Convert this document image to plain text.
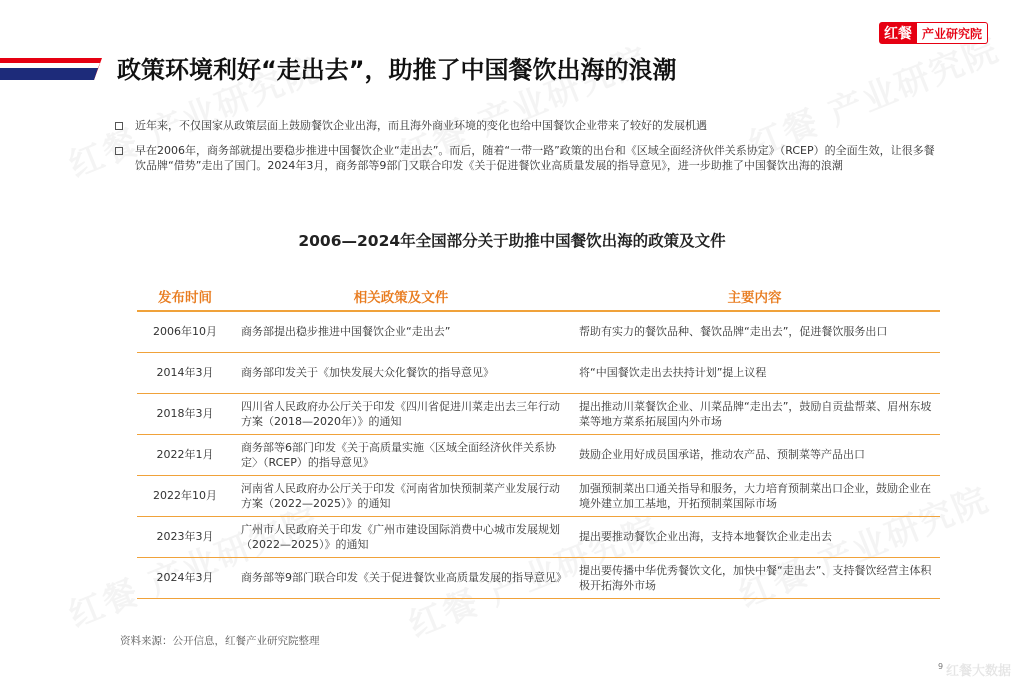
政策环境利好“走出去”，助推了中国餐饮出海的浪潮
红餐 产业研究院
近年来，不仅国家从政策层面上鼓励餐饮企业出海，而且海外商业环境的变化也给中国餐饮企业带来了较好的发展机遇
早在2006年，商务部就提出要稳步推进中国餐饮企业“走出去”。而后，随着“一带一路”政策的出台和《区域全面经济伙伴关系协定》（RCEP）的全面生效，让很多餐饮品牌“借势”走出了国门。2024年3月，商务部等9部门又联合印发《关于促进餐饮业高质量发展的指导意见》，进一步助推了中国餐饮出海的浪潮
2006—2024年全国部分关于助推中国餐饮出海的政策及文件
发布时间	相关政策及文件	主要内容
2006年10月	商务部提出稳步推进中国餐饮企业“走出去”	帮助有实力的餐饮品种、餐饮品牌“走出去”，促进餐饮服务出口
2014年3月	商务部印发关于《加快发展大众化餐饮的指导意见》	将“中国餐饮走出去扶持计划”提上议程
2018年3月	四川省人民政府办公厅关于印发《四川省促进川菜走出去三年行动方案（2018—2020年）》的通知	提出推动川菜餐饮企业、川菜品牌“走出去”，鼓励自贡盐帮菜、眉州东坡菜等地方菜系拓展国内外市场
2022年1月	商务部等6部门印发《关于高质量实施〈区域全面经济伙伴关系协定〉（RCEP）的指导意见》	鼓励企业用好成员国承诺，推动农产品、预制菜等产品出口
2022年10月	河南省人民政府办公厅关于印发《河南省加快预制菜产业发展行动方案（2022—2025）》的通知	加强预制菜出口通关指导和服务，大力培育预制菜出口企业，鼓励企业在境外建立加工基地，开拓预制菜国际市场
2023年3月	广州市人民政府关于印发《广州市建设国际消费中心城市发展规划（2022—2025）》的通知	提出要推动餐饮企业出海，支持本地餐饮企业走出去
2024年3月	商务部等9部门联合印发《关于促进餐饮业高质量发展的指导意见》	提出要传播中华优秀餐饮文化，加快中餐“走出去”、支持餐饮经营主体积极开拓海外市场
资料来源：公开信息，红餐产业研究院整理
9 红餐大数据
